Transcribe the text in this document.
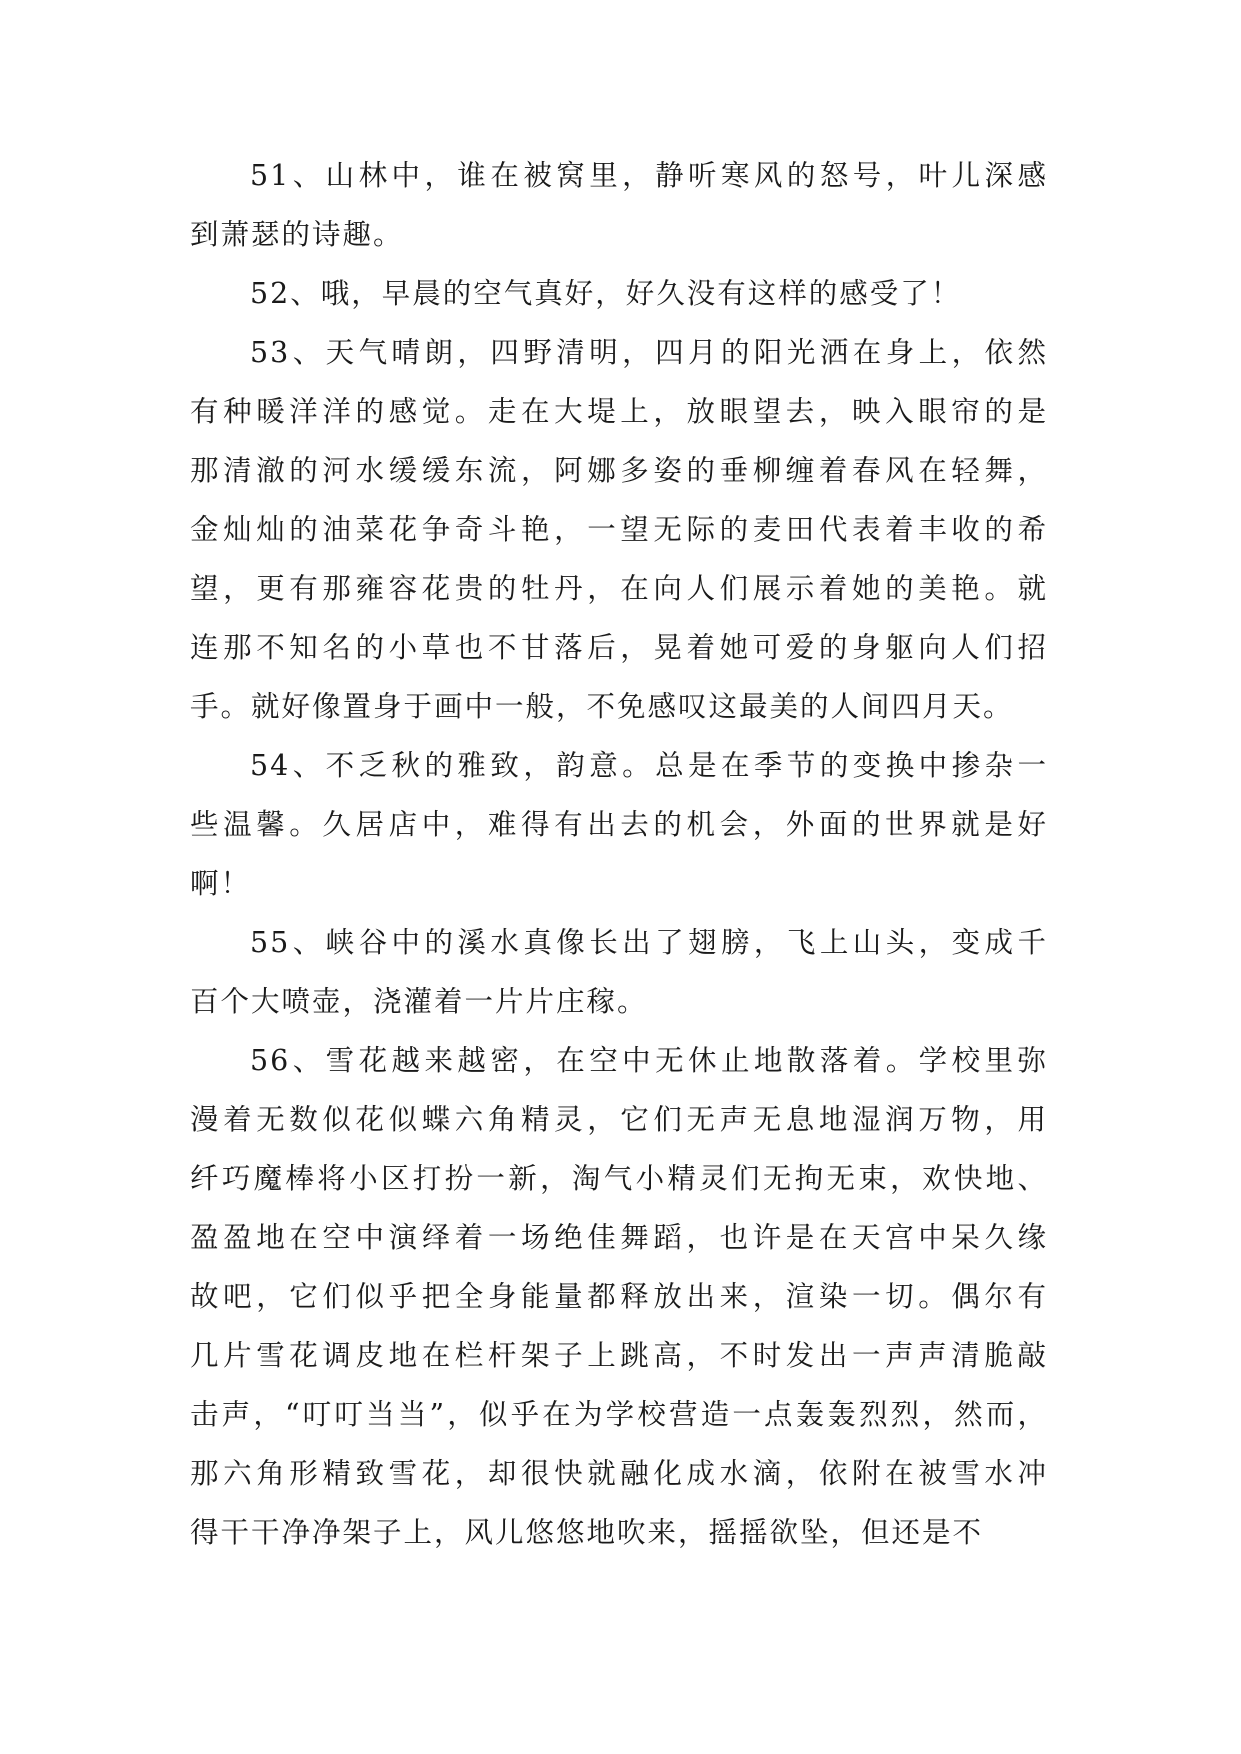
51、山林中，谁在被窝里，静听寒风的怒号，叶儿深感
到萧瑟的诗趣。
52、哦，早晨的空气真好，好久没有这样的感受了！
53、天气晴朗，四野清明，四月的阳光洒在身上，依然
有种暖洋洋的感觉。走在大堤上，放眼望去，映入眼帘的是
那清澈的河水缓缓东流，阿娜多姿的垂柳缠着春风在轻舞，
金灿灿的油菜花争奇斗艳，一望无际的麦田代表着丰收的希
望，更有那雍容花贵的牡丹，在向人们展示着她的美艳。就
连那不知名的小草也不甘落后，晃着她可爱的身躯向人们招
手。就好像置身于画中一般，不免感叹这最美的人间四月天。
54、不乏秋的雅致，韵意。总是在季节的变换中掺杂一
些温馨。久居店中，难得有出去的机会，外面的世界就是好
啊！
55、峡谷中的溪水真像长出了翅膀，飞上山头，变成千
百个大喷壶，浇灌着一片片庄稼。
56、雪花越来越密，在空中无休止地散落着。学校里弥
漫着无数似花似蝶六角精灵，它们无声无息地湿润万物，用
纤巧魔棒将小区打扮一新，淘气小精灵们无拘无束，欢快地、
盈盈地在空中演绎着一场绝佳舞蹈，也许是在天宫中呆久缘
故吧，它们似乎把全身能量都释放出来，渲染一切。偶尔有
几片雪花调皮地在栏杆架子上跳高，不时发出一声声清脆敲
击声，“叮叮当当”，似乎在为学校营造一点轰轰烈烈，然而，
那六角形精致雪花，却很快就融化成水滴，依附在被雪水冲
得干干净净架子上，风儿悠悠地吹来，摇摇欲坠，但还是不
